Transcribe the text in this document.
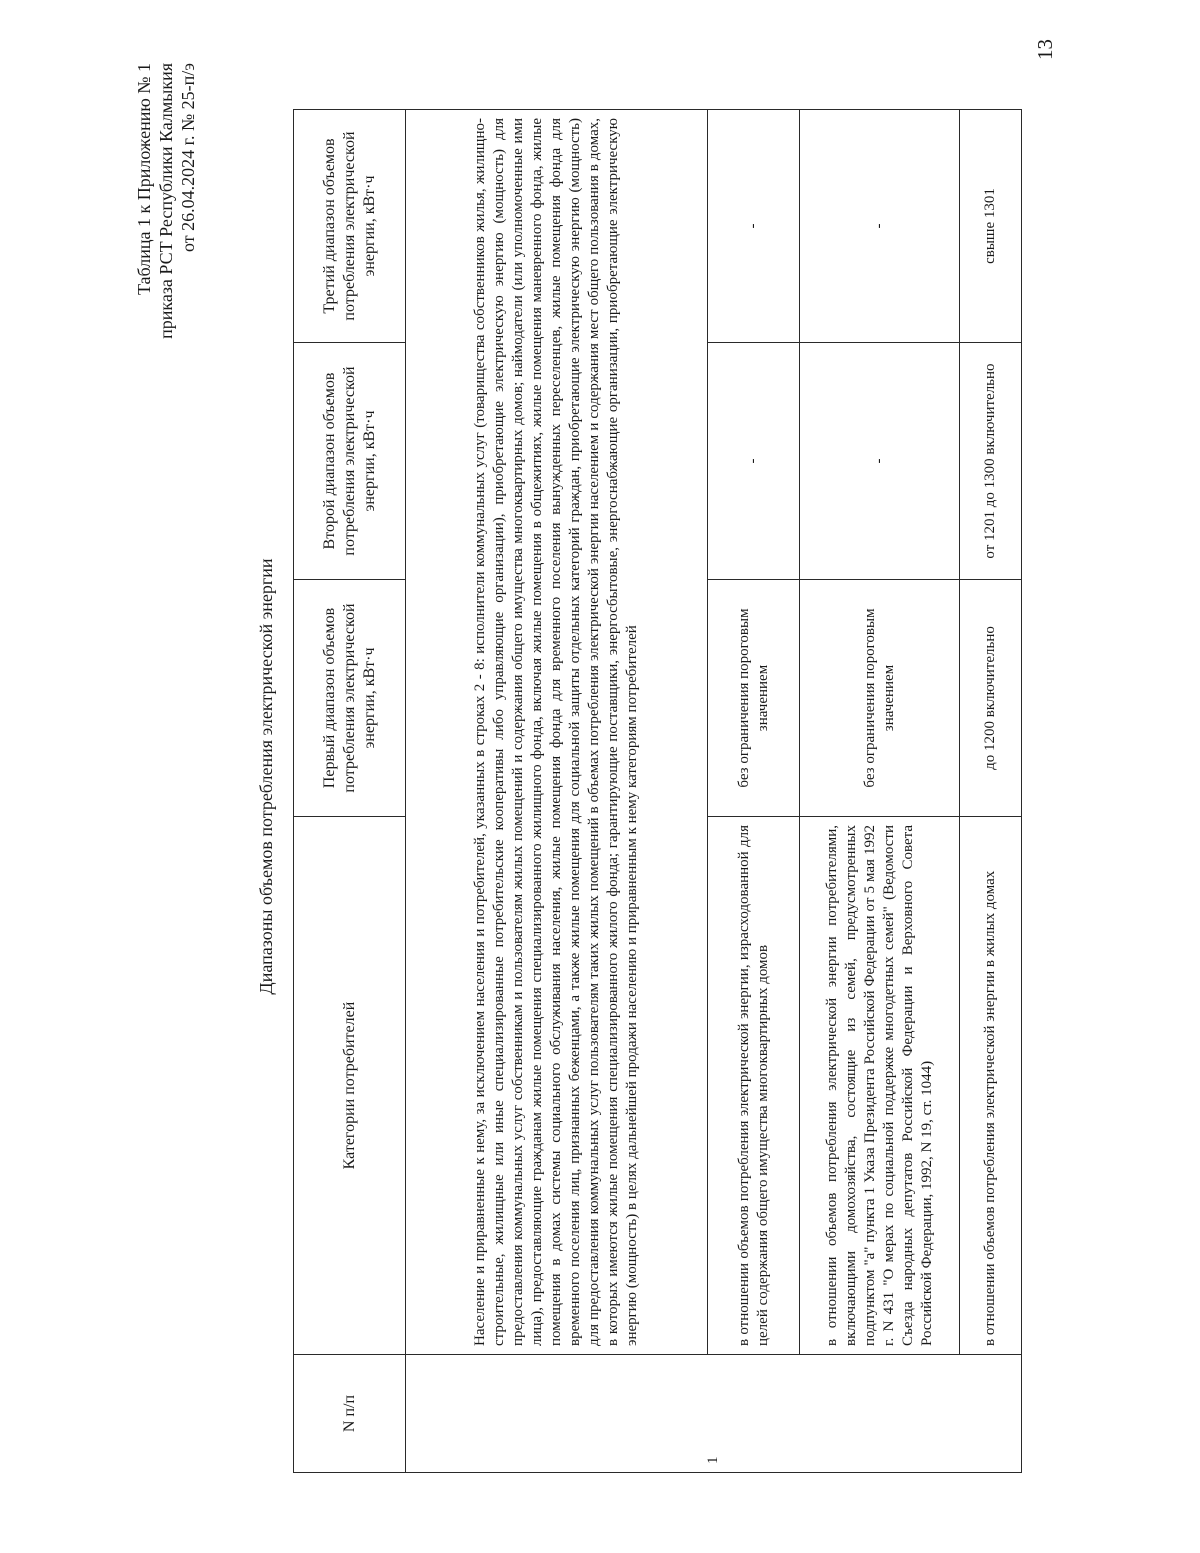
13
Таблица 1 к Приложению № 1 приказа РСТ Республики Калмыкия от 26.04.2024 г. № 25-п/э
Диапазоны объемов потребления электрической энергии
N п/п	Категории потребителей	Первый диапазон объемов потребления электрической энергии, кВт·ч	Второй диапазон объемов потребления электрической энергии, кВт·ч	Третий диапазон объемов потребления электрической энергии, кВт·ч
1	Население и приравненные к нему, за исключением населения и потребителей, указанных в строках 2 - 8: исполнители коммунальных услуг (товарищества собственников жилья, жилищно-строительные, жилищные или иные специализированные потребительские кооперативы либо управляющие организации), приобретающие электрическую энергию (мощность) для предоставления коммунальных услуг собственникам и пользователям жилых помещений и содержания общего имущества многоквартирных домов; наймодатели (или уполномоченные ими лица), предоставляющие гражданам жилые помещения специализированного жилищного фонда, включая жилые помещения в общежитиях, жилые помещения маневренного фонда, жилые помещения в домах системы социального обслуживания населения, жилые помещения фонда для временного поселения вынужденных переселенцев, жилые помещения фонда для временного поселения лиц, признанных беженцами, а также жилые помещения для социальной защиты отдельных категорий граждан, приобретающие электрическую энергию (мощность) для предоставления коммунальных услуг пользователям таких жилых помещений в объемах потребления электрической энергии населением и содержания мест общего пользования в домах, в которых имеются жилые помещения специализированного жилого фонда; гарантирующие поставщики, энергосбытовые, энергоснабжающие организации, приобретающие электрическую энергию (мощность) в целях дальнейшей продажи населению и приравненным к нему категориям потребителей			
	в отношении объемов потребления электрической энергии, израсходованной для целей содержания общего имущества многоквартирных домов	без ограничения пороговым значением	-	-
	в отношении объемов потребления электрической энергии потребителями, включающими домохозяйства, состоящие из семей, предусмотренных подпунктом "а" пункта 1 Указа Президента Российской Федерации от 5 мая 1992 г. N 431 "О мерах по социальной поддержке многодетных семей" (Ведомости Съезда народных депутатов Российской Федерации и Верховного Совета Российской Федерации, 1992, N 19, ст. 1044)	без ограничения пороговым значением	-	-
	в отношении объемов потребления электрической энергии в жилых домах	до 1200 включительно	от 1201 до 1300 включительно	свыше 1301
